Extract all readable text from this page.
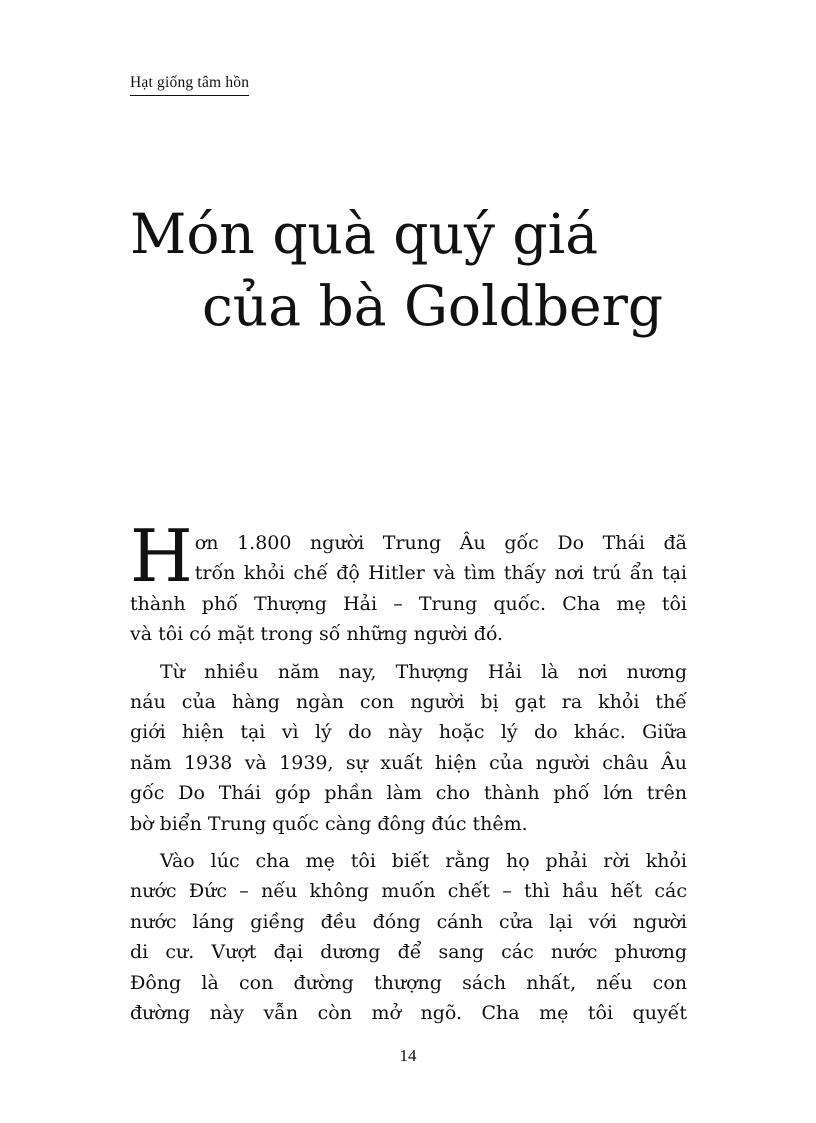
Hạt giống tâm hồn
Món quà quý giá
của bà Goldberg

H ơn 1.800 người Trung Âu gốc Do Thái đã
trốn khỏi chế độ Hitler và tìm thấy nơi trú ẩn tại
thành phố Thượng Hải – Trung quốc. Cha mẹ tôi
và tôi có mặt trong số những người đó.

Từ nhiều năm nay, Thượng Hải là nơi nương
náu của hàng ngàn con người bị gạt ra khỏi thế
giới hiện tại vì lý do này hoặc lý do khác. Giữa
năm 1938 và 1939, sự xuất hiện của người châu Âu
gốc Do Thái góp phần làm cho thành phố lớn trên
bờ biển Trung quốc càng đông đúc thêm.

Vào lúc cha mẹ tôi biết rằng họ phải rời khỏi
nước Đức – nếu không muốn chết – thì hầu hết các
nước láng giềng đều đóng cánh cửa lại với người
di cư. Vượt đại dương để sang các nước phương
Đông là con đường thượng sách nhất, nếu con
đường này vẫn còn mở ngõ. Cha mẹ tôi quyết

14
